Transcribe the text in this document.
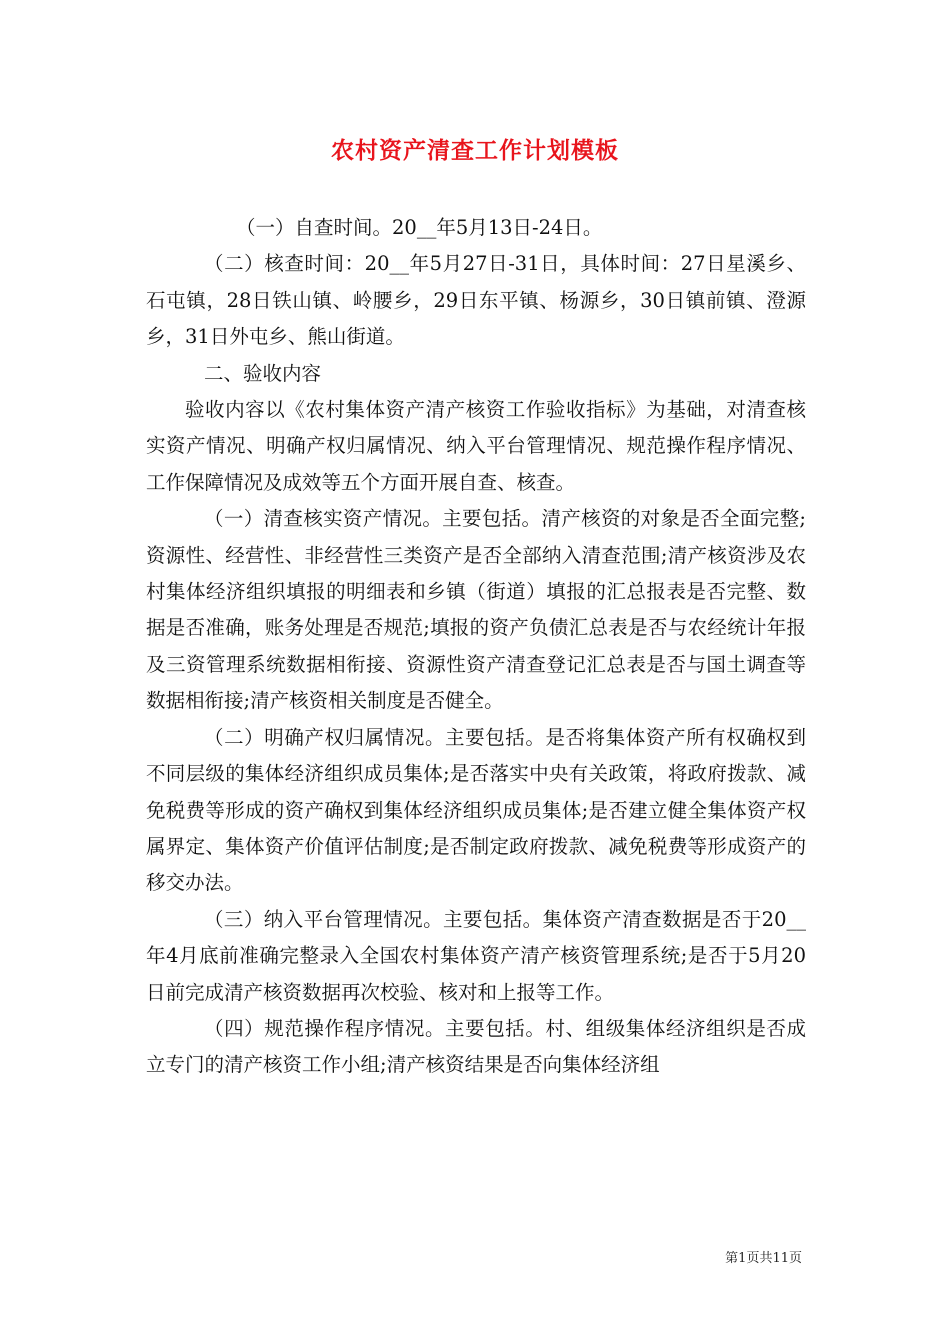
农村资产清查工作计划模板

（一）自查时间。20__年5月13日-24日。

（二）核查时间：20__年5月27日-31日，具体时间：27日星溪乡、石屯镇，28日铁山镇、岭腰乡，29日东平镇、杨源乡，30日镇前镇、澄源乡，31日外屯乡、熊山街道。

二、验收内容

验收内容以《农村集体资产清产核资工作验收指标》为基础，对清查核实资产情况、明确产权归属情况、纳入平台管理情况、规范操作程序情况、工作保障情况及成效等五个方面开展自查、核查。

（一）清查核实资产情况。主要包括。清产核资的对象是否全面完整;资源性、经营性、非经营性三类资产是否全部纳入清查范围;清产核资涉及农村集体经济组织填报的明细表和乡镇（街道）填报的汇总报表是否完整、数据是否准确，账务处理是否规范;填报的资产负债汇总表是否与农经统计年报及三资管理系统数据相衔接、资源性资产清查登记汇总表是否与国土调查等数据相衔接;清产核资相关制度是否健全。

（二）明确产权归属情况。主要包括。是否将集体资产所有权确权到不同层级的集体经济组织成员集体;是否落实中央有关政策，将政府拨款、减免税费等形成的资产确权到集体经济组织成员集体;是否建立健全集体资产权属界定、集体资产价值评估制度;是否制定政府拨款、减免税费等形成资产的移交办法。

（三）纳入平台管理情况。主要包括。集体资产清查数据是否于20__年4月底前准确完整录入全国农村集体资产清产核资管理系统;是否于5月20日前完成清产核资数据再次校验、核对和上报等工作。

（四）规范操作程序情况。主要包括。村、组级集体经济组织是否成立专门的清产核资工作小组;清产核资结果是否向集体经济组

第1页共11页
